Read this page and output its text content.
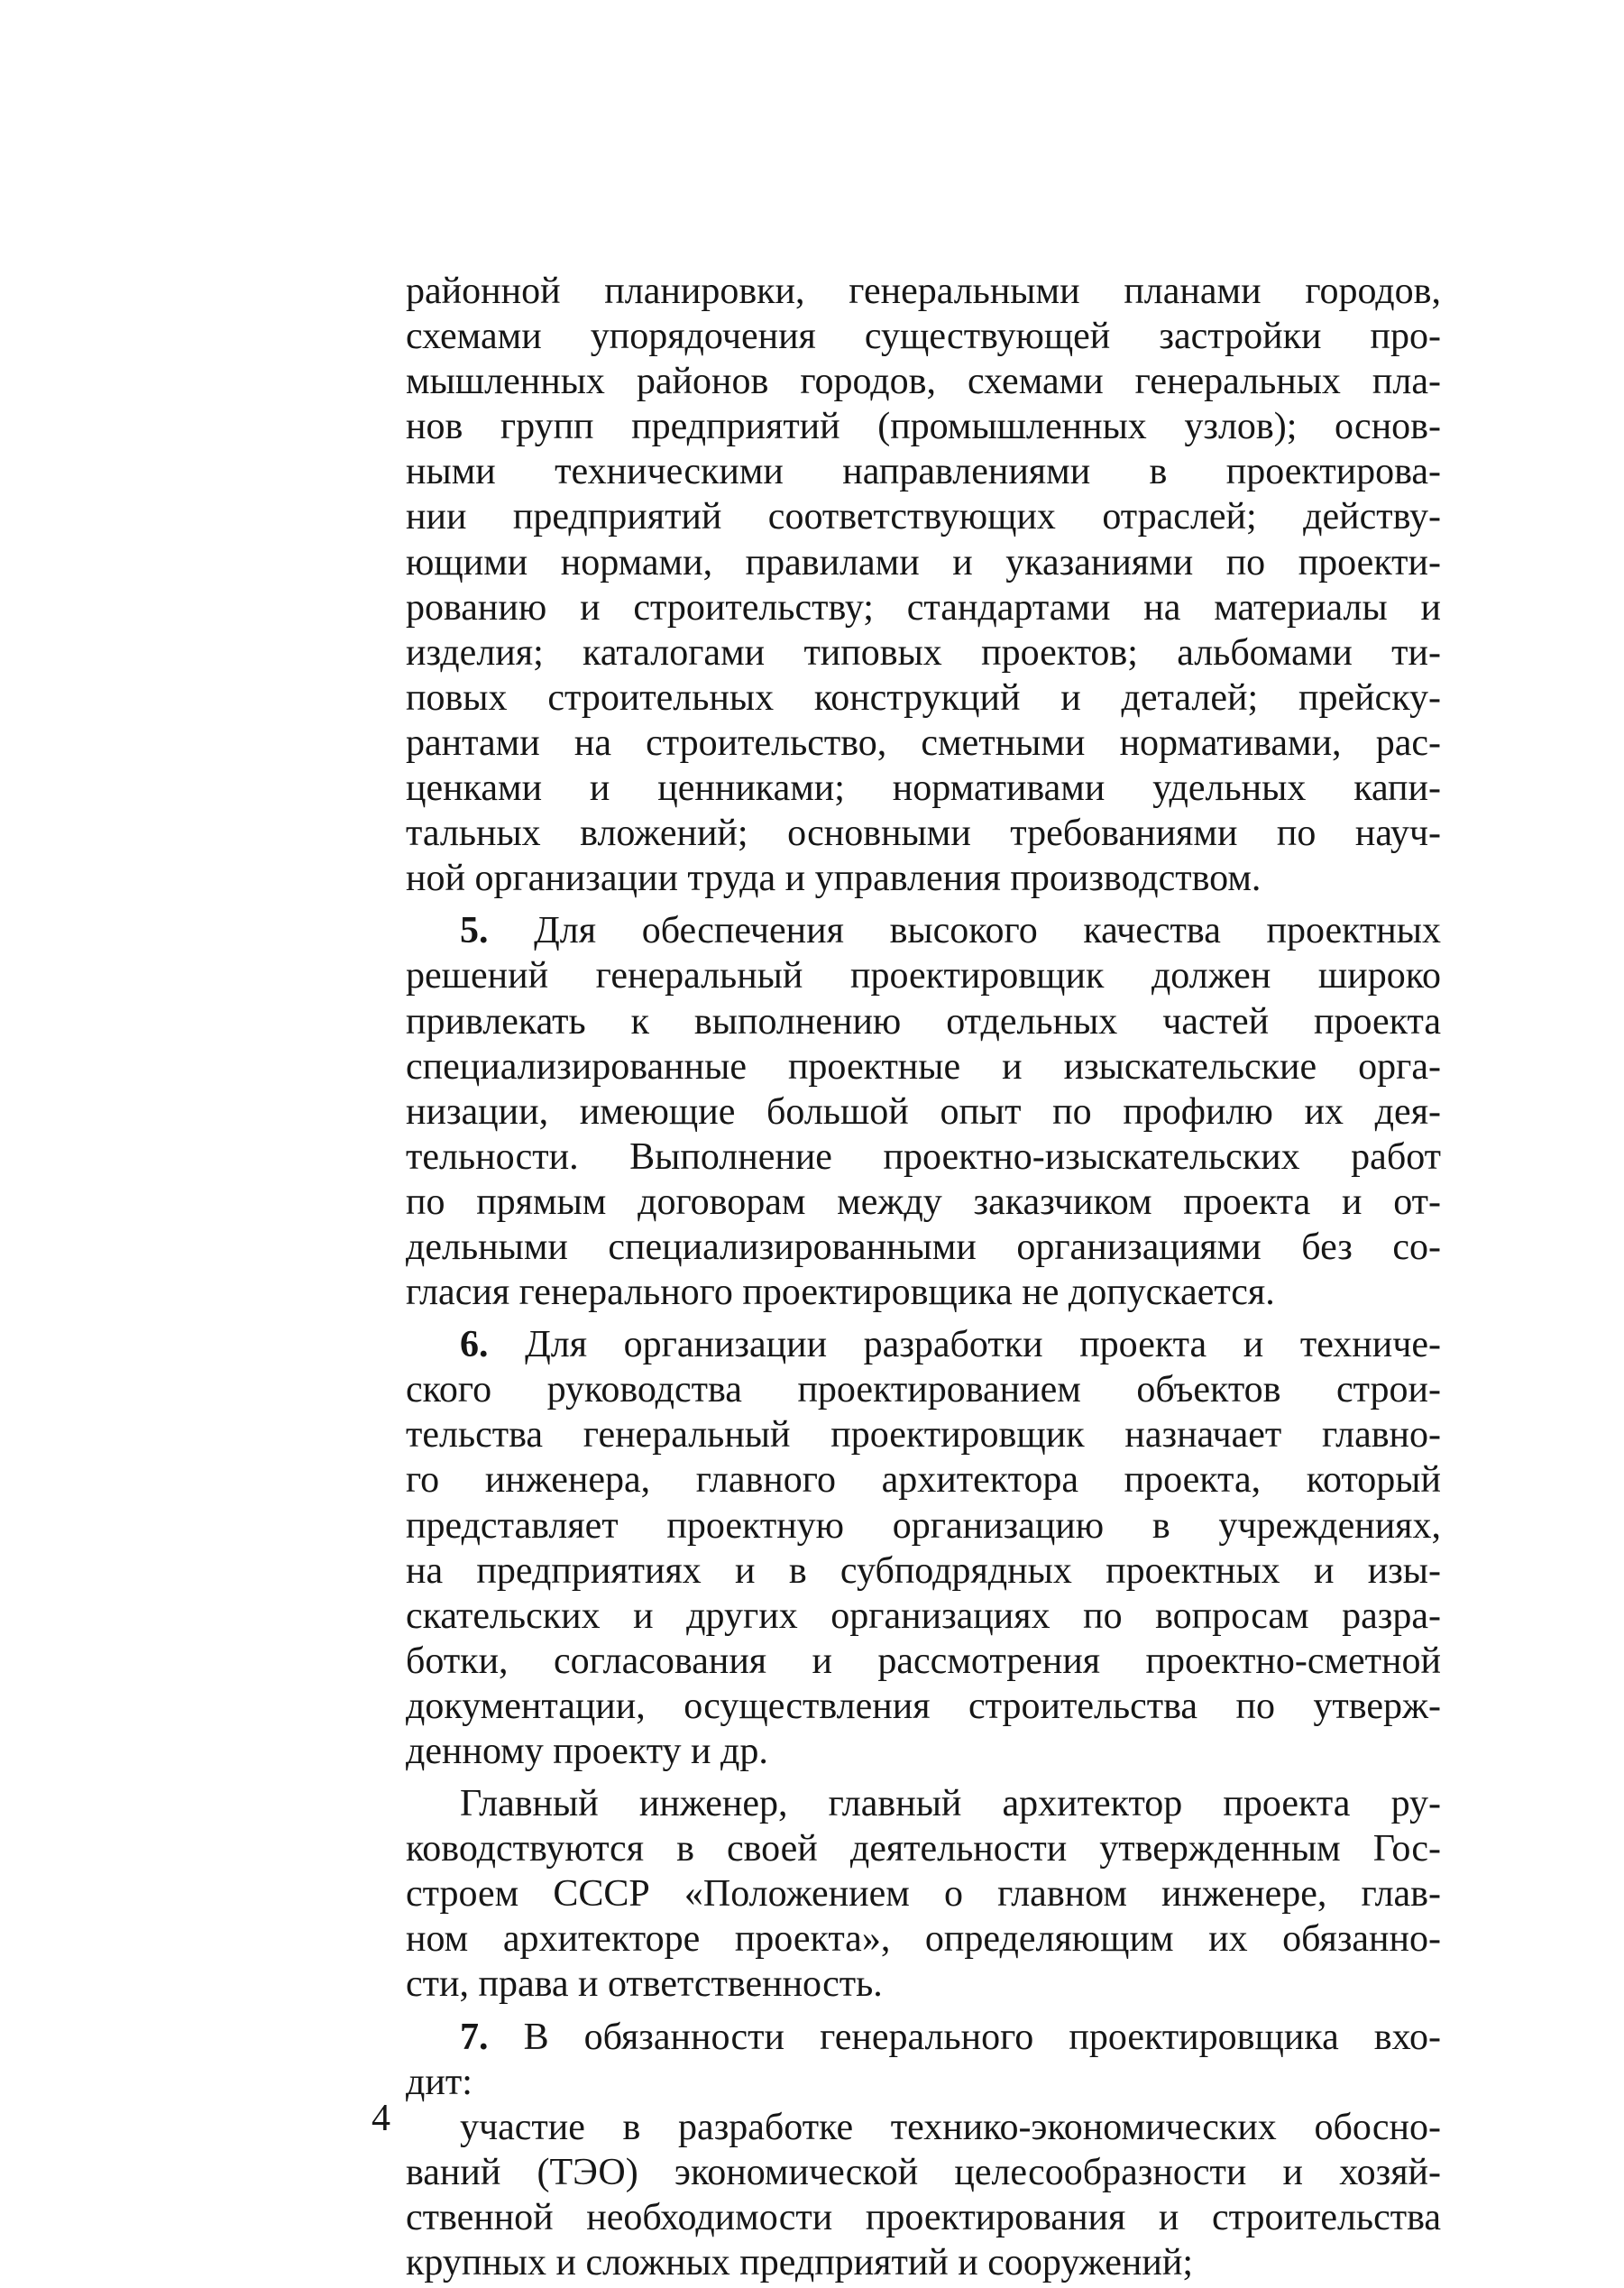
районной планировки, генеральными планами городов,
схемами упорядочения существующей застройки про-
мышленных районов городов, схемами генеральных пла-
нов групп предприятий (промышленных узлов); основ-
ными техническими направлениями в проектирова-
нии предприятий соответствующих отраслей; действу-
ющими нормами, правилами и указаниями по проекти-
рованию и строительству; стандартами на материалы и
изделия; каталогами типовых проектов; альбомами ти-
повых строительных конструкций и деталей; прейску-
рантами на строительство, сметными нормативами, рас-
ценками и ценниками; нормативами удельных капи-
тальных вложений; основными требованиями по науч-
ной организации труда и управления производством.
5. Для обеспечения высокого качества проектных
решений генеральный проектировщик должен широко
привлекать к выполнению отдельных частей проекта
специализированные проектные и изыскательские орга-
низации, имеющие большой опыт по профилю их дея-
тельности. Выполнение проектно-изыскательских работ
по прямым договорам между заказчиком проекта и от-
дельными специализированными организациями без со-
гласия генерального проектировщика не допускается.
6. Для организации разработки проекта и техниче-
ского руководства проектированием объектов строи-
тельства генеральный проектировщик назначает главно-
го инженера, главного архитектора проекта, который
представляет проектную организацию в учреждениях,
на предприятиях и в субподрядных проектных и изы-
скательских и других организациях по вопросам разра-
ботки, согласования и рассмотрения проектно-сметной
документации, осуществления строительства по утверж-
денному проекту и др.
Главный инженер, главный архитектор проекта ру-
ководствуются в своей деятельности утвержденным Гос-
строем СССР «Положением о главном инженере, глав-
ном архитекторе проекта», определяющим их обязанно-
сти, права и ответственность.
7. В обязанности генерального проектировщика вхо-
дит:
участие в разработке технико-экономических обосно-
ваний (ТЭО) экономической целесообразности и хозяй-
ственной необходимости проектирования и строительства
крупных и сложных предприятий и сооружений;
4
